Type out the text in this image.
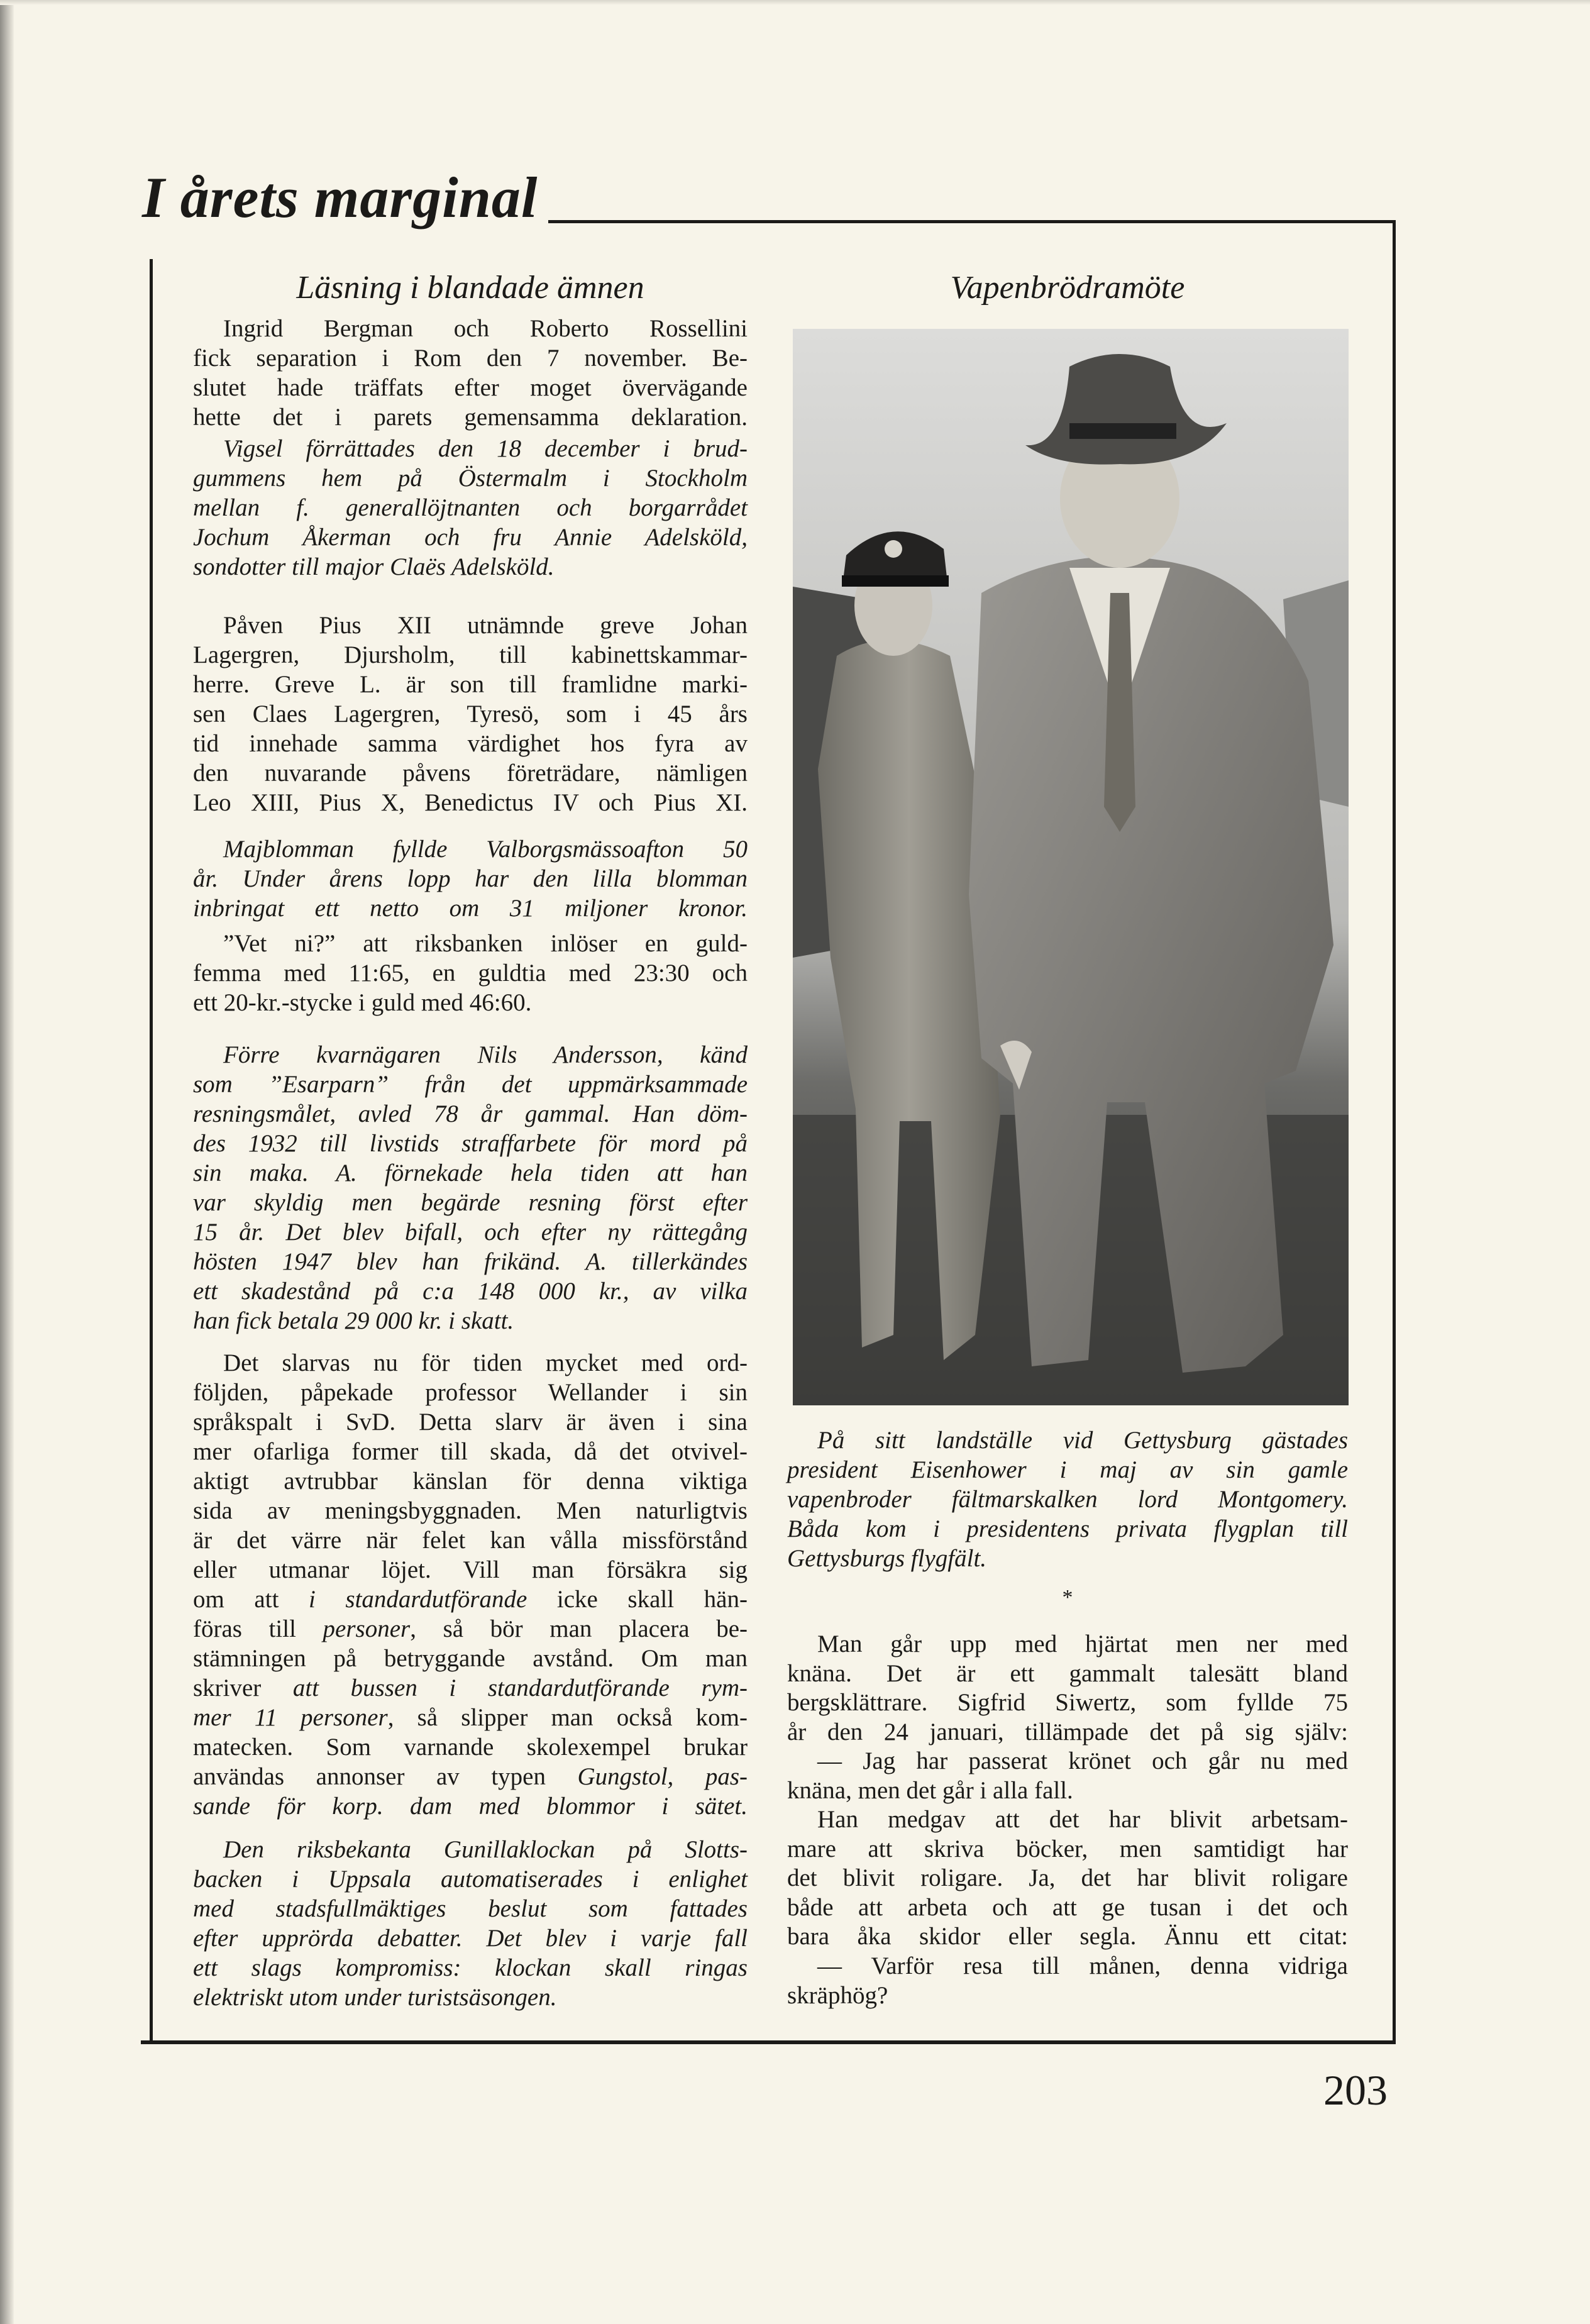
I årets marginal
Läsning i blandade ämnen
Ingrid Bergman och Roberto Rossellini
fick separation i Rom den 7 november. Be-
slutet hade träffats efter moget övervägande
hette det i parets gemensamma deklaration.
Vigsel förrättades den 18 december i brud-
gummens hem på Östermalm i Stockholm
mellan f. generallöjtnanten och borgarrådet
Jochum Åkerman och fru Annie Adelsköld,
sondotter till major Claës Adelsköld.
Påven Pius XII utnämnde greve Johan
Lagergren, Djursholm, till kabinettskammar-
herre. Greve L. är son till framlidne marki-
sen Claes Lagergren, Tyresö, som i 45 års
tid innehade samma värdighet hos fyra av
den nuvarande påvens företrädare, nämligen
Leo XIII, Pius X, Benedictus IV och Pius XI.
Majblomman fyllde Valborgsmässoafton 50
år. Under årens lopp har den lilla blomman
inbringat ett netto om 31 miljoner kronor.
”Vet ni?” att riksbanken inlöser en guld-
femma med 11:65, en guldtia med 23:30 och
ett 20-kr.-stycke i guld med 46:60.
Förre kvarnägaren Nils Andersson, känd
som ”Esarparn” från det uppmärksammade
resningsmålet, avled 78 år gammal. Han döm-
des 1932 till livstids straffarbete för mord på
sin maka. A. förnekade hela tiden att han
var skyldig men begärde resning först efter
15 år. Det blev bifall, och efter ny rättegång
hösten 1947 blev han frikänd. A. tillerkändes
ett skadestånd på c:a 148 000 kr., av vilka
han fick betala 29 000 kr. i skatt.
Det slarvas nu för tiden mycket med ord-
följden, påpekade professor Wellander i sin
språkspalt i SvD. Detta slarv är även i sina
mer ofarliga former till skada, då det otvivel-
aktigt avtrubbar känslan för denna viktiga
sida av meningsbyggnaden. Men naturligtvis
är det värre när felet kan vålla missförstånd
eller utmanar löjet. Vill man försäkra sig
om att i standardutförande icke skall hän-
föras till personer, så bör man placera be-
stämningen på betryggande avstånd. Om man
skriver att bussen i standardutförande rym-
mer 11 personer, så slipper man också kom-
matecken. Som varnande skolexempel brukar
användas annonser av typen Gungstol, pas-
sande för korp. dam med blommor i sätet.
Den riksbekanta Gunillaklockan på Slotts-
backen i Uppsala automatiserades i enlighet
med stadsfullmäktiges beslut som fattades
efter upprörda debatter. Det blev i varje fall
ett slags kompromiss: klockan skall ringas
elektriskt utom under turistsäsongen.
Vapenbrödramöte
På sitt landställe vid Gettysburg gästades
president Eisenhower i maj av sin gamle
vapenbroder fältmarskalken lord Montgomery.
Båda kom i presidentens privata flygplan till
Gettysburgs flygfält.
Man går upp med hjärtat men ner med
knäna. Det är ett gammalt talesätt bland
bergsklättrare. Sigfrid Siwertz, som fyllde 75
år den 24 januari, tillämpade det på sig själv:
— Jag har passerat krönet och går nu med
knäna, men det går i alla fall.
Han medgav att det har blivit arbetsam-
mare att skriva böcker, men samtidigt har
det blivit roligare. Ja, det har blivit roligare
både att arbeta och att ge tusan i det och
bara åka skidor eller segla. Ännu ett citat:
— Varför resa till månen, denna vidriga
skräphög?
*
203
